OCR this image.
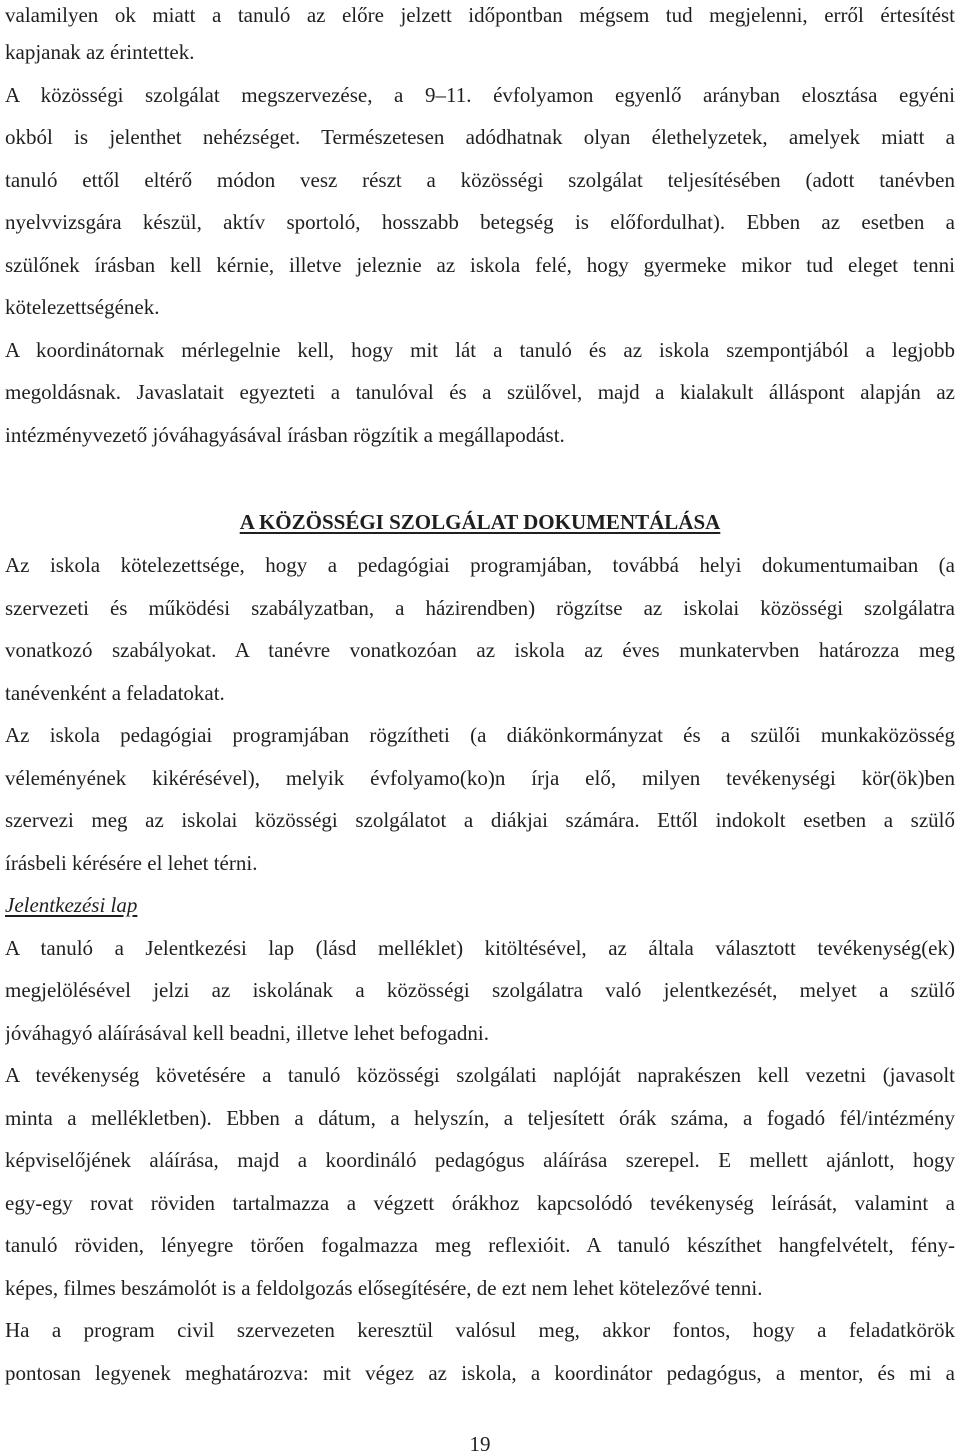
valamilyen ok miatt a tanuló az előre jelzett időpontban mégsem tud megjelenni, erről értesítést
kapjanak az érintettek.
A közösségi szolgálat megszervezése, a 9–11. évfolyamon egyenlő arányban elosztása egyéni
okból is jelenthet nehézséget. Természetesen adódhatnak olyan élethelyzetek, amelyek miatt a
tanuló ettől eltérő módon vesz részt a közösségi szolgálat teljesítésében (adott tanévben
nyelvvizsgára készül, aktív sportoló, hosszabb betegség is előfordulhat). Ebben az esetben a
szülőnek írásban kell kérnie, illetve jeleznie az iskola felé, hogy gyermeke mikor tud eleget tenni
kötelezettségének.
A koordinátornak mérlegelnie kell, hogy mit lát a tanuló és az iskola szempontjából a legjobb
megoldásnak. Javaslatait egyezteti a tanulóval és a szülővel, majd a kialakult álláspont alapján az
intézményvezető jóváhagyásával írásban rögzítik a megállapodást.
A KÖZÖSSÉGI SZOLGÁLAT DOKUMENTÁLÁSA
Az iskola kötelezettsége, hogy a pedagógiai programjában, továbbá helyi dokumentumaiban (a
szervezeti és működési szabályzatban, a házirendben) rögzítse az iskolai közösségi szolgálatra
vonatkozó szabályokat. A tanévre vonatkozóan az iskola az éves munkatervben határozza meg
tanévenként a feladatokat.
Az iskola pedagógiai programjában rögzítheti (a diákönkormányzat és a szülői munkaközösség
véleményének kikérésével), melyik évfolyamo(ko)n írja elő, milyen tevékenységi kör(ök)ben
szervezi meg az iskolai közösségi szolgálatot a diákjai számára. Ettől indokolt esetben a szülő
írásbeli kérésére el lehet térni.
Jelentkezési lap
A tanuló a Jelentkezési lap (lásd melléklet) kitöltésével, az általa választott tevékenység(ek)
megjelölésével jelzi az iskolának a közösségi szolgálatra való jelentkezését, melyet a szülő
jóváhagyó aláírásával kell beadni, illetve lehet befogadni.
A tevékenység követésére a tanuló közösségi szolgálati naplóját naprakészen kell vezetni (javasolt
minta a mellékletben). Ebben a dátum, a helyszín, a teljesített órák száma, a fogadó fél/intézmény
képviselőjének aláírása, majd a koordináló pedagógus aláírása szerepel. E mellett ajánlott, hogy
egy-egy rovat röviden tartalmazza a végzett órákhoz kapcsolódó tevékenység leírását, valamint a
tanuló röviden, lényegre törően fogalmazza meg reflexióit. A tanuló készíthet hangfelvételt, fény-
képes, filmes beszámolót is a feldolgozás elősegítésére, de ezt nem lehet kötelezővé tenni.
Ha a program civil szervezeten keresztül valósul meg, akkor fontos, hogy a feladatkörök
pontosan legyenek meghatározva: mit végez az iskola, a koordinátor pedagógus, a mentor, és mi a
19
